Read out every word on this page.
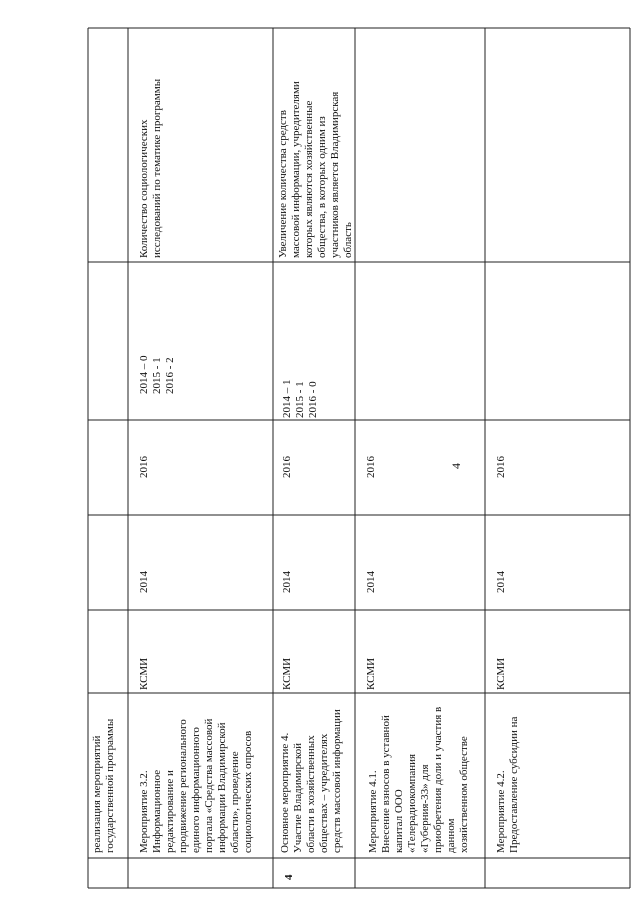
4
реализация мероприятий
государственной программы
Мероприятие 3.2.
Информационное
редактирование и
продвижение регионального
единого информационного
портала «Средства массовой
информации Владимирской
области», проведение
социологических опросов
КСМИ
2014
2016
2014 – 0
2015 - 1
2016 - 2
Количество социологических
исследований по тематике программы
4
Основное мероприятие 4.
Участие Владимирской
области в хозяйственных
обществах – учредителях
средств массовой информации
КСМИ
2014
2016
2014 – 1
2015 - 1
2016 - 0
Увеличение количества средств
массовой информации, учредителями
которых являются хозяйственные
общества, в которых одним из
участников является Владимирская
область
Мероприятие 4.1.
Внесение взносов в уставной
капитал ООО
«Телерадиокомпания
«Губерния-33» для
приобретения доли и участия в
данном
хозяйственном обществе
КСМИ
2014
2016
Мероприятие 4.2.
Предоставление субсидии на
КСМИ
2014
2016
